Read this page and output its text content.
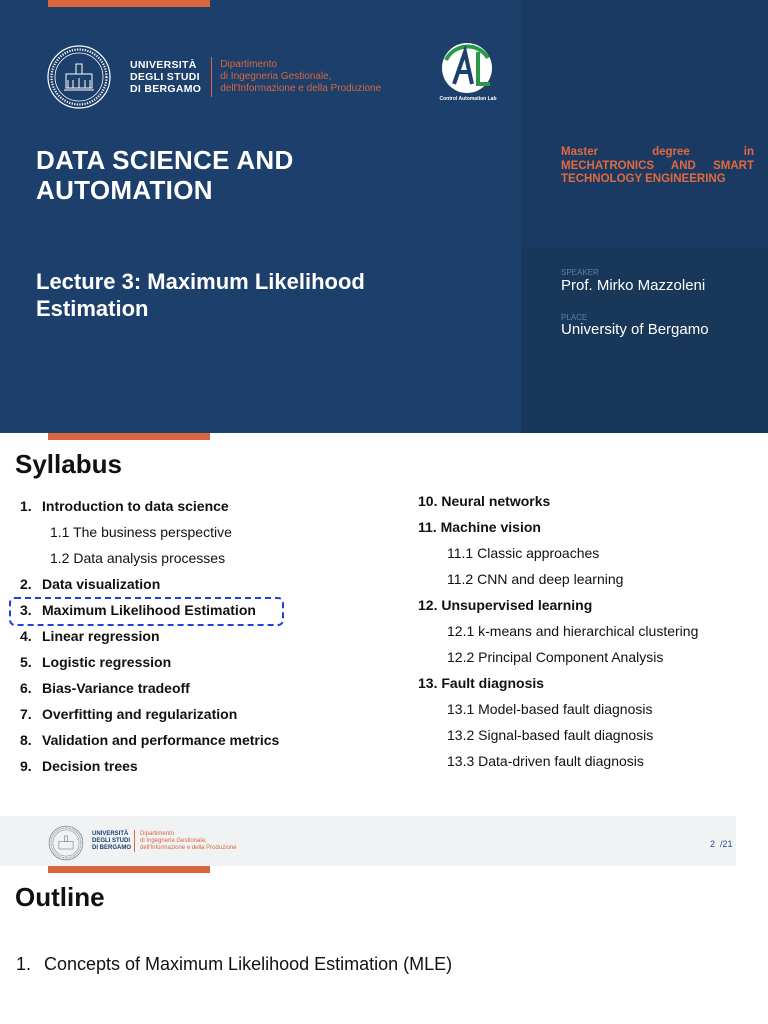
UNIVERSITÀ
DEGLI STUDI
DI BERGAMO
Dipartimento
di Ingegneria Gestionale,
dell'Informazione e della Produzione
Control Automation Lab
DATA SCIENCE AND
AUTOMATION
Lecture 3: Maximum Likelihood
Estimation
Master degree in
MECHATRONICS AND SMART
TECHNOLOGY ENGINEERING
SPEAKER
Prof. Mirko Mazzoleni
PLACE
University of Bergamo
Syllabus
1. Introduction to data science
1.1 The business perspective
1.2 Data analysis processes
2. Data visualization
3. Maximum Likelihood Estimation
4. Linear regression
5. Logistic regression
6. Bias-Variance tradeoff
7. Overfitting and regularization
8. Validation and performance metrics
9. Decision trees
10. Neural networks
11. Machine vision
11.1 Classic approaches
11.2 CNN and deep learning
12. Unsupervised learning
12.1 k-means and hierarchical clustering
12.2 Principal Component Analysis
13. Fault diagnosis
13.1 Model-based fault diagnosis
13.2 Signal-based fault diagnosis
13.3 Data-driven fault diagnosis
UNIVERSITÀ
DEGLI STUDI
DI BERGAMO
Dipartimento
di Ingegneria Gestionale,
dell'Informazione e della Produzione	2 /21
Outline
1. Concepts of Maximum Likelihood Estimation (MLE)
